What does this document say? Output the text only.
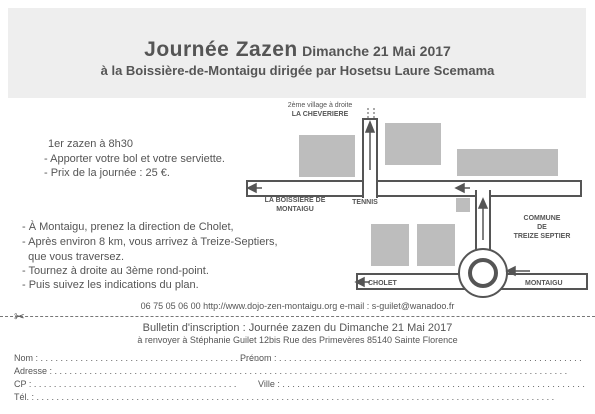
Journée Zazen Dimanche 21 Mai 2017
à la Boissière-de-Montaigu dirigée par Hosetsu Laure Scemama
1er zazen à 8h30
- Apporter votre bol et votre serviette.
- Prix de la journée : 25 €.
- À Montaigu, prenez la direction de Cholet,
- Après environ 8 km, vous arrivez à Treize-Septiers,
que vous traversez.
- Tournez à droite au 3ème rond-point.
- Puis suivez les indications du plan.
2ème village à droite
LA CHEVERIERE
LA BOISSIERE DE
MONTAIGU
TENNIS
COMMUNE
DE
TREIZE SEPTIER
CHOLET	MONTAIGU
06 75 05 06 00 http://www.dojo-zen-montaigu.org e-mail : s-guilet@wanadoo.fr
✂
Bulletin d'inscription : Journée zazen du Dimanche 21 Mai 2017
à renvoyer à Stéphanie Guilet 12bis Rue des Primevères 85140 Sainte Florence
Nom : . . . . . . . . . . . . . . . . . . . . . . . . . . . . . . . . . . . . . . . . . . . . .
Prénom : . . . . . . . . . . . . . . . . . . . . . . . . . . . . . . . . . . . . . . . . . . . . . . . . . . . . . . . . . . . . .
Adresse : . . . . . . . . . . . . . . . . . . . . . . . . . . . . . . . . . . . . . . . . . . . . . . . . . . . . . . . . . . . . . . . . . . . . . . . . . . . . . . . . . . . . . . . . . . . . . . . . . . . . . . .
CP : . . . . . . . . . . . . . . . . . . . . . . . . . . . . . . . . . . . . . . . . . Ville : . . . . . . . . . . . . . . . . . . . . . . . . . . . . . . . . . . . . . . . . . . . . . . . . . . . . . . . . . . . . .
Tél. : . . . . . . . . . . . . . . . . . . . . . . . . . . . . . . . . . . . . . . . . . . . . . . . . . . . . . . . . . . . . . . . . . . . . . . . . . . . . . . . . . . . . . . . . . . . . . . . . . . . . . . . .
